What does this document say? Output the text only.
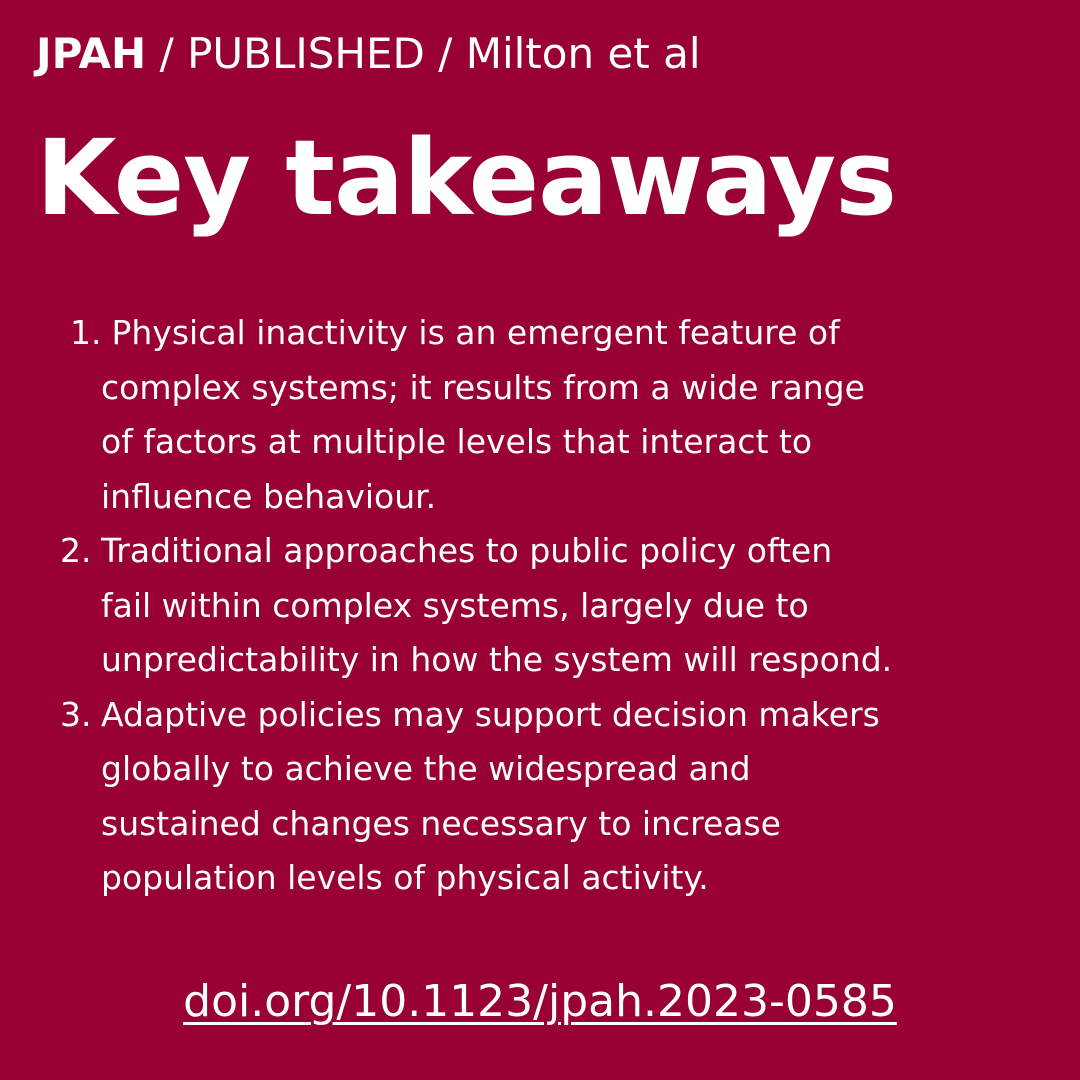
JPAH / PUBLISHED / Milton et al
Key takeaways
1. Physical inactivity is an emergent feature of
complex systems; it results from a wide range
of factors at multiple levels that interact to
influence behaviour.
2. Traditional approaches to public policy often
fail within complex systems, largely due to
unpredictability in how the system will respond.
3. Adaptive policies may support decision makers
globally to achieve the widespread and
sustained changes necessary to increase
population levels of physical activity.
doi.org/10.1123/jpah.2023-0585
